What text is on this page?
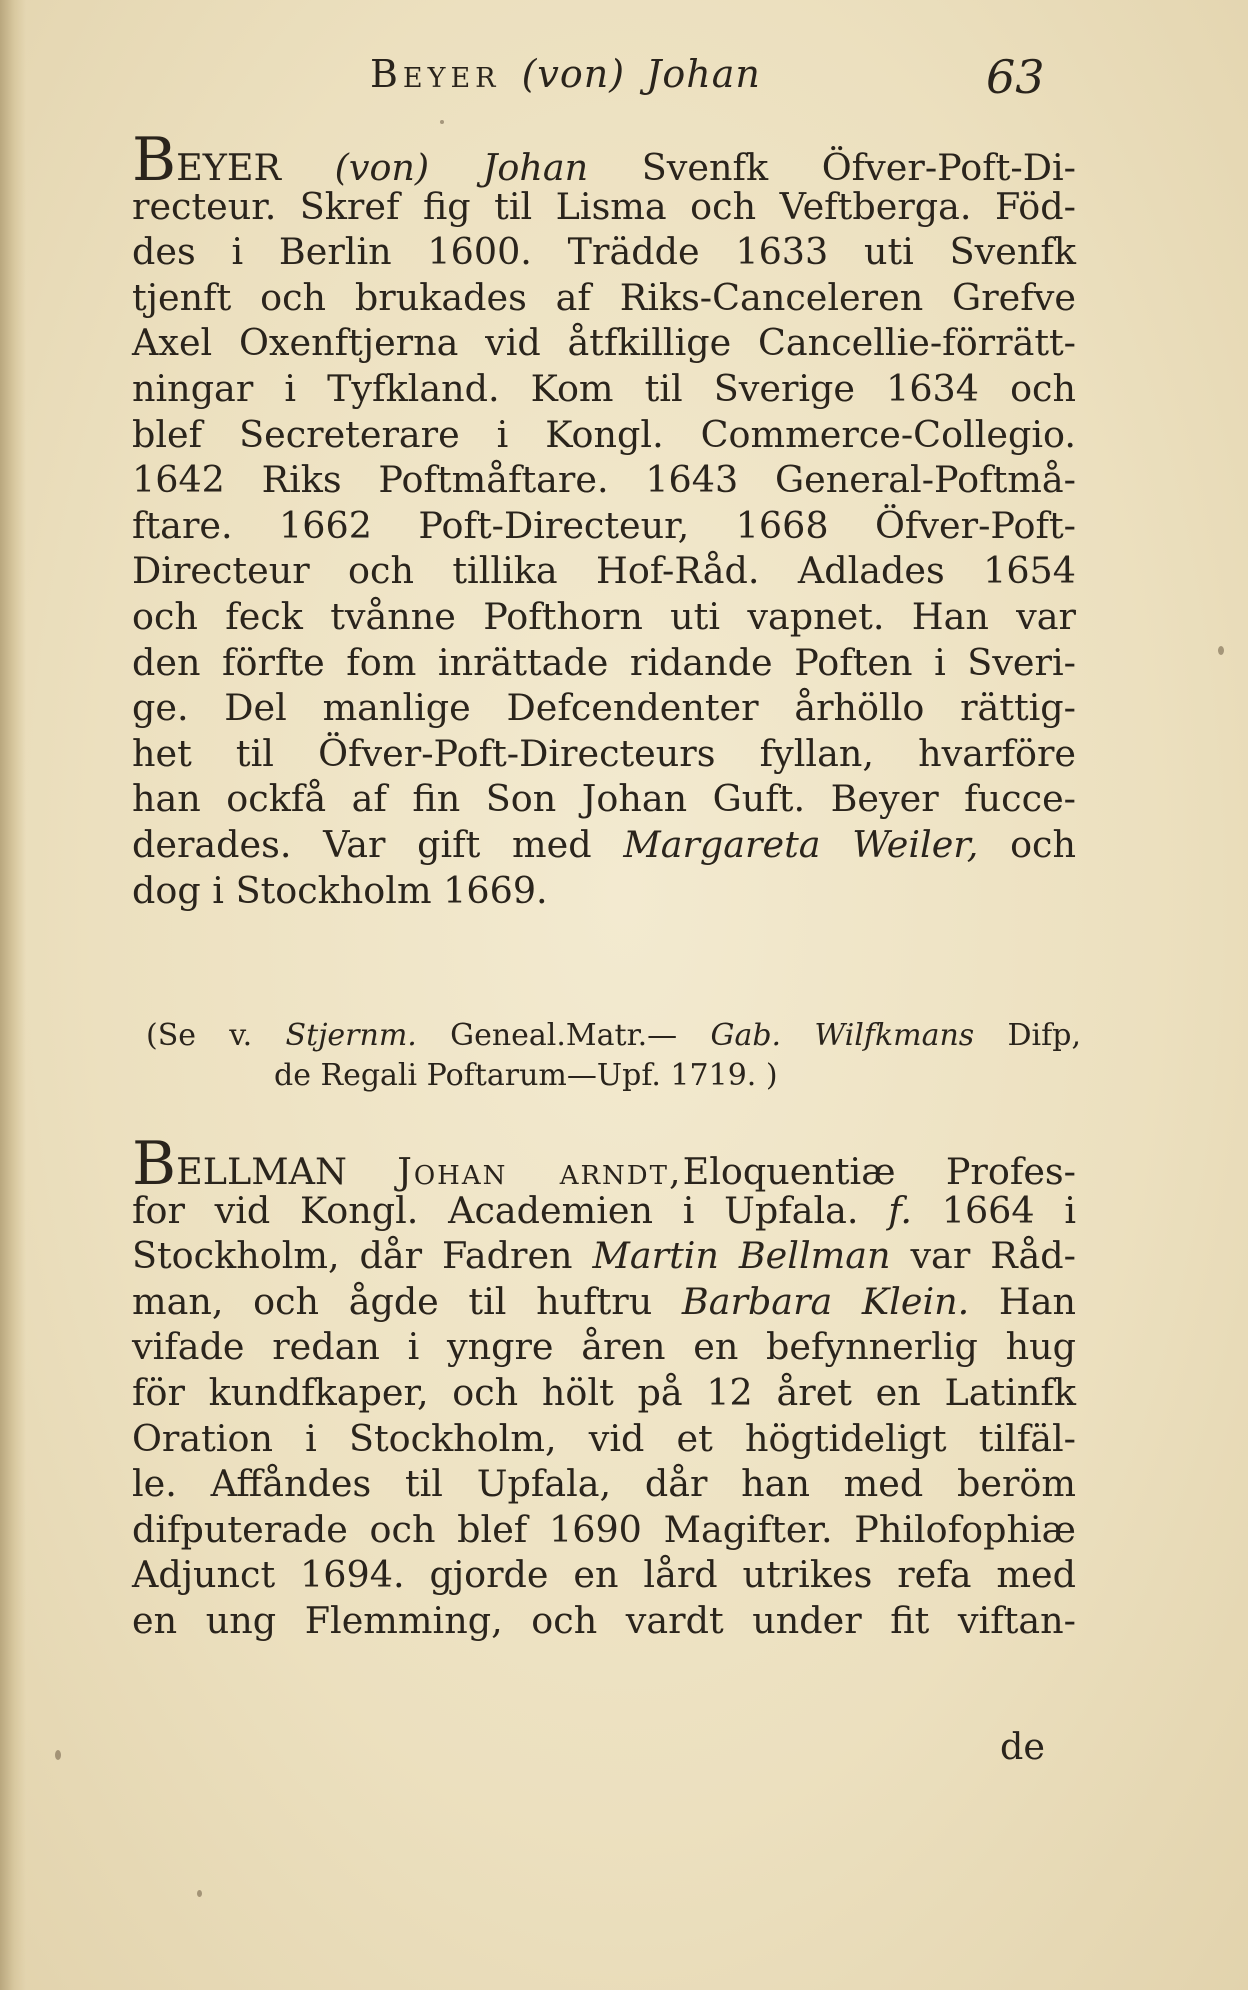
Beyer (von) Johan	63
BEYER (von) Johan Svenfk Öfver-Poft-Di-
recteur. Skref fig til Lisma och Veftberga. Föd-
des i Berlin 1600. Trädde 1633 uti Svenfk
tjenft och brukades af Riks-Canceleren Grefve
Axel Oxenftjerna vid åtfkillige Cancellie-förrätt-
ningar i Tyfkland. Kom til Sverige 1634 och
blef Secreterare i Kongl. Commerce-Collegio.
1642 Riks Poftmåftare. 1643 General-Poftmå-
ftare. 1662 Poft-Directeur, 1668 Öfver-Poft-
Directeur och tillika Hof-Råd. Adlades 1654
och feck tvånne Pofthorn uti vapnet. Han var
den förfte fom inrättade ridande Poften i Sveri-
ge. Del manlige Defcendenter århöllo rättig-
het til Öfver-Poft-Directeurs fyllan, hvarföre
han ockfå af fin Son Johan Guft. Beyer fucce-
derades. Var gift med Margareta Weiler, och
dog i Stockholm 1669.
(Se v. Stjernm. Geneal.Matr.— Gab. Wilfkmans Difp,
de Regali Poftarum—Upf. 1719. )
BELLMAN Johan arndt,Eloquentiæ Profes-
for vid Kongl. Academien i Upfala. f. 1664 i
Stockholm, dår Fadren Martin Bellman var Råd-
man, och ågde til huftru Barbara Klein. Han
vifade redan i yngre åren en befynnerlig hug
för kundfkaper, och hölt på 12 året en Latinfk
Oration i Stockholm, vid et högtideligt tilfäl-
le. Affåndes til Upfala, dår han med beröm
difputerade och blef 1690 Magifter. Philofophiæ
Adjunct 1694. gjorde en lård utrikes refa med
en ung Flemming, och vardt under fit viftan-
de
